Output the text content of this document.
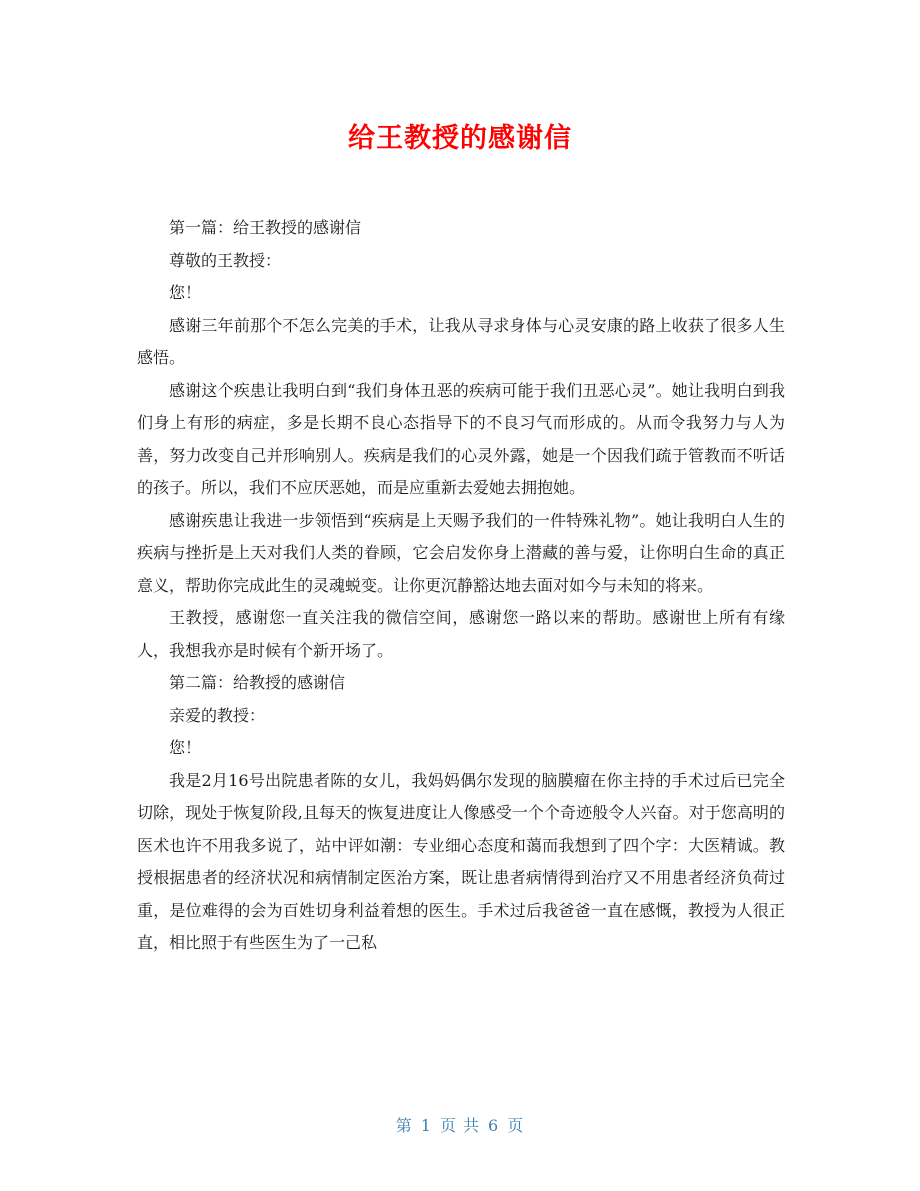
给王教授的感谢信

第一篇：给王教授的感谢信

尊敬的王教授：

您！

感谢三年前那个不怎么完美的手术，让我从寻求身体与心灵安康的路上收获了很多人生感悟。

感谢这个疾患让我明白到“我们身体丑恶的疾病可能于我们丑恶心灵”。她让我明白到我们身上有形的病症，多是长期不良心态指导下的不良习气而形成的。从而令我努力与人为善，努力改变自己并形响别人。疾病是我们的心灵外露，她是一个因我们疏于管教而不听话的孩子。所以，我们不应厌恶她，而是应重新去爱她去拥抱她。

感谢疾患让我进一步领悟到“疾病是上天赐予我们的一件特殊礼物”。她让我明白人生的疾病与挫折是上天对我们人类的眷顾，它会启发你身上潜藏的善与爱，让你明白生命的真正意义，帮助你完成此生的灵魂蜕变。让你更沉静豁达地去面对如今与未知的将来。

王教授，感谢您一直关注我的微信空间，感谢您一路以来的帮助。感谢世上所有有缘人，我想我亦是时候有个新开场了。

第二篇：给教授的感谢信

亲爱的教授：

您！

我是2月16号出院患者陈的女儿，我妈妈偶尔发现的脑膜瘤在你主持的手术过后已完全切除，现处于恢复阶段,且每天的恢复进度让人像感受一个个奇迹般令人兴奋。对于您高明的医术也许不用我多说了，站中评如潮：专业细心态度和蔼而我想到了四个字：大医精诚。教授根据患者的经济状况和病情制定医治方案，既让患者病情得到治疗又不用患者经济负荷过重，是位难得的会为百姓切身利益着想的医生。手术过后我爸爸一直在感慨，教授为人很正直，相比照于有些医生为了一己私

第 1 页 共 6 页
